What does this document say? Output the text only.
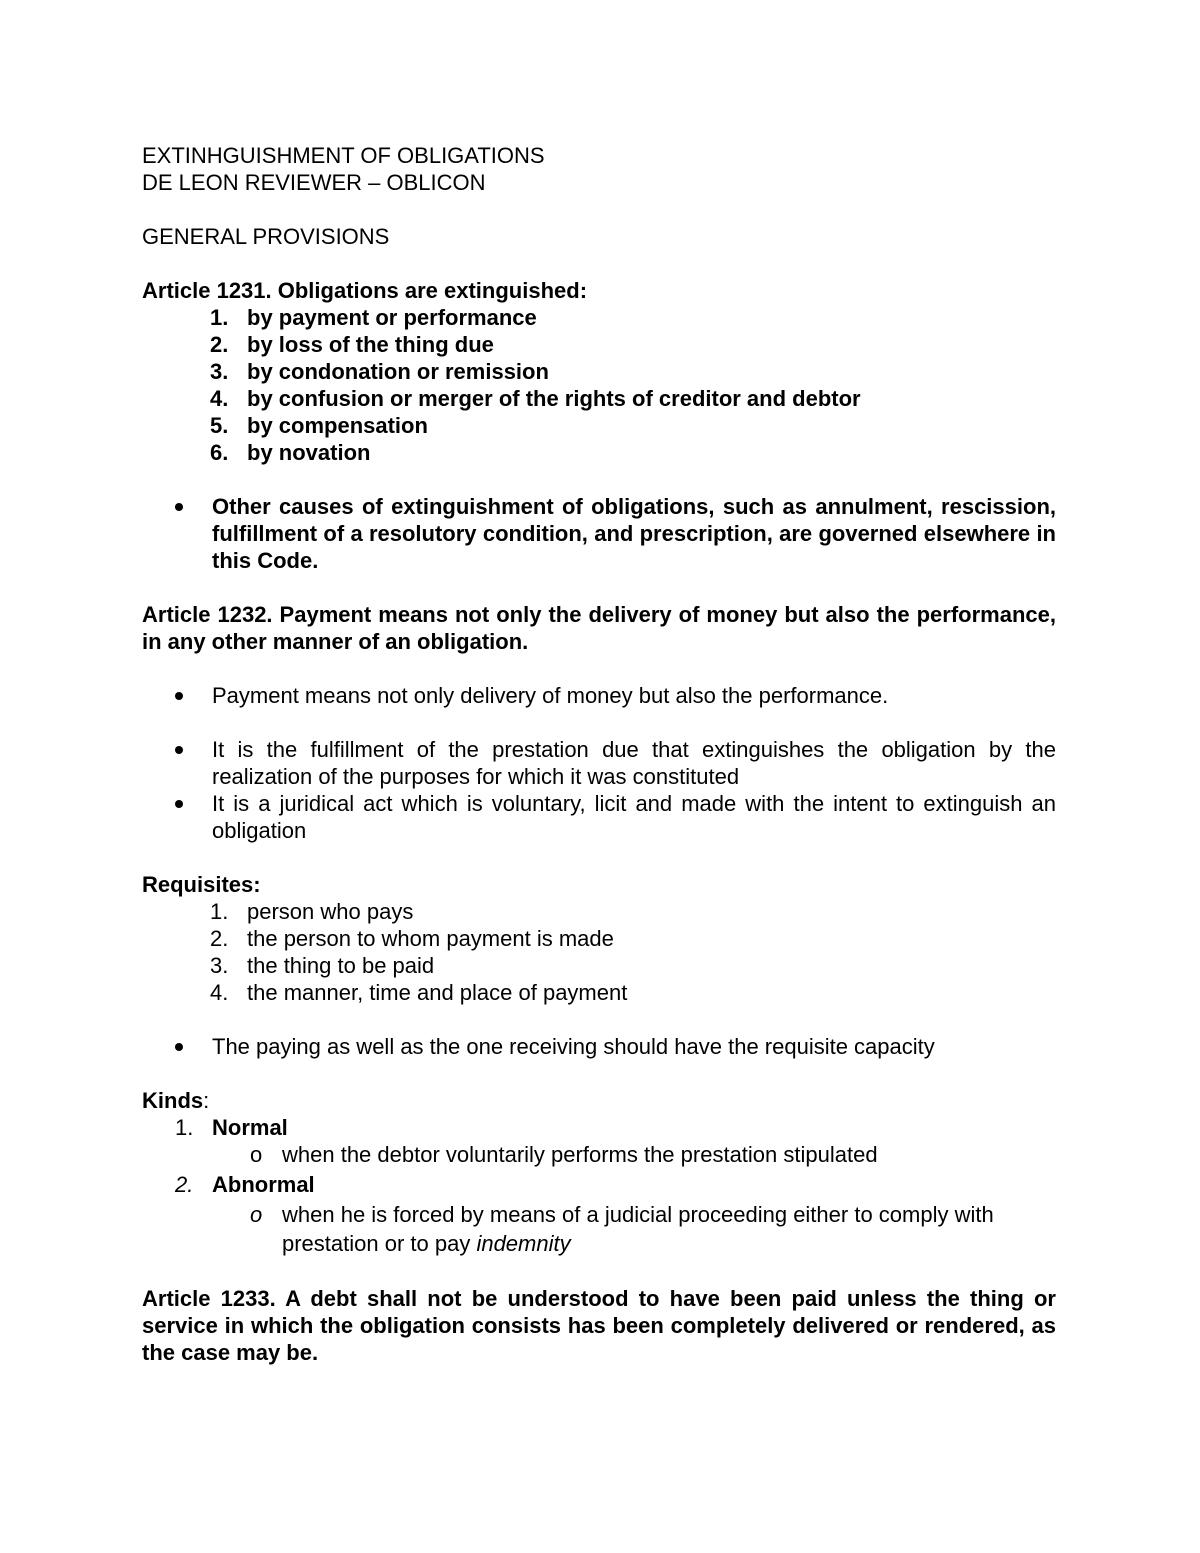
EXTINHGUISHMENT OF OBLIGATIONS
DE LEON REVIEWER – OBLICON
GENERAL PROVISIONS
Article 1231. Obligations are extinguished:
1. by payment or performance
2. by loss of the thing due
3. by condonation or remission
4. by confusion or merger of the rights of creditor and debtor
5. by compensation
6. by novation
Other causes of extinguishment of obligations, such as annulment, rescission, fulfillment of a resolutory condition, and prescription, are governed elsewhere in this Code.
Article 1232. Payment means not only the delivery of money but also the performance, in any other manner of an obligation.
Payment means not only delivery of money but also the performance.
It is the fulfillment of the prestation due that extinguishes the obligation by the realization of the purposes for which it was constituted
It is a juridical act which is voluntary, licit and made with the intent to extinguish an obligation
Requisites:
1. person who pays
2. the person to whom payment is made
3. the thing to be paid
4. the manner, time and place of payment
The paying as well as the one receiving should have the requisite capacity
Kinds:
1. Normal
o when the debtor voluntarily performs the prestation stipulated
2. Abnormal
o when he is forced by means of a judicial proceeding either to comply with prestation or to pay indemnity
Article 1233. A debt shall not be understood to have been paid unless the thing or service in which the obligation consists has been completely delivered or rendered, as the case may be.
